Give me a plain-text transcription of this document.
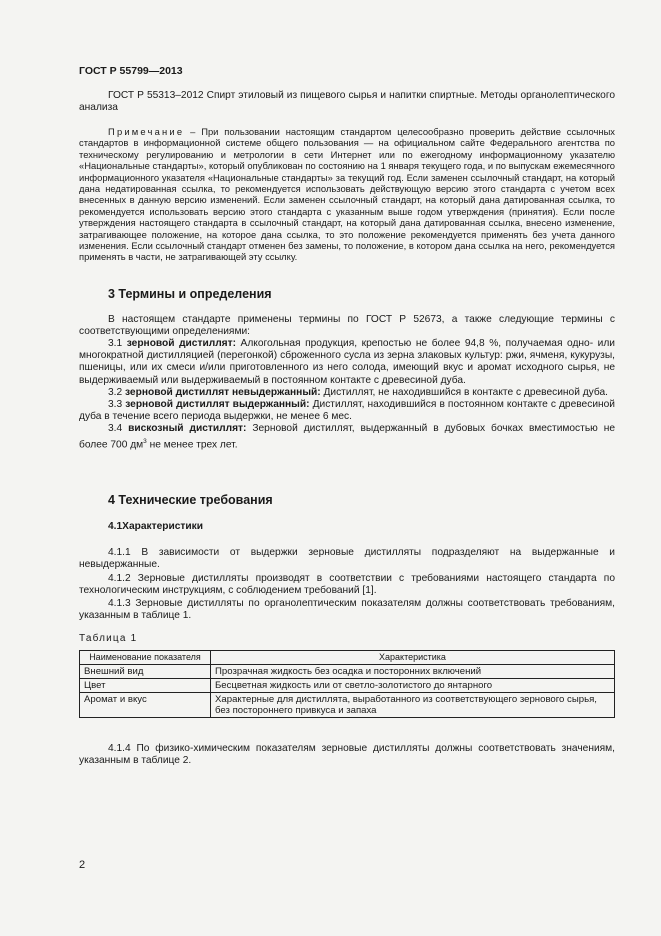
ГОСТ Р 55799—2013
ГОСТ Р 55313–2012 Спирт этиловый из пищевого сырья и напитки спиртные. Методы органолептического анализа
Примечание – При пользовании настоящим стандартом целесообразно проверить действие ссылочных стандартов в информационной системе общего пользования — на официальном сайте Федерального агентства по техническому регулированию и метрологии в сети Интернет или по ежегодному информационному указателю «Национальные стандарты», который опубликован по состоянию на 1 января текущего года, и по выпускам ежемесячного информационного указателя «Национальные стандарты» за текущий год. Если заменен ссылочный стандарт, на который дана недатированная ссылка, то рекомендуется использовать действующую версию этого стандарта с учетом всех внесенных в данную версию изменений. Если заменен ссылочный стандарт, на который дана датированная ссылка, то рекомендуется использовать версию этого стандарта с указанным выше годом утверждения (принятия). Если после утверждения настоящего стандарта в ссылочный стандарт, на который дана датированная ссылка, внесено изменение, затрагивающее положение, на которое дана ссылка, то это положение рекомендуется применять без учета данного изменения. Если ссылочный стандарт отменен без замены, то положение, в котором дана ссылка на него, рекомендуется применять в части, не затрагивающей эту ссылку.
3 Термины и определения
В настоящем стандарте применены термины по ГОСТ Р 52673, а также следующие термины с соответствующими определениями:

3.1 зерновой дистиллят: Алкогольная продукция, крепостью не более 94,8 %, получаемая одно- или многократной дистилляцией (перегонкой) сброженного сусла из зерна злаковых культур: ржи, ячменя, кукурузы, пшеницы, или их смеси и/или приготовленного из него солода, имеющий вкус и аромат исходного сырья, не выдерживаемый или выдерживаемый в постоянном контакте с древесиной дуба.

3.2 зерновой дистиллят невыдержанный: Дистиллят, не находившийся в контакте с древесиной дуба.

3.3 зерновой дистиллят выдержанный: Дистиллят, находившийся в постоянном контакте с древесиной дуба в течение всего периода выдержки, не менее 6 мес.

3.4 вискозный дистиллят: Зерновой дистиллят, выдержанный в дубовых бочках вместимостью не более 700 $дм^3$ не менее трех лет.

4 Технические требования
4.1Характеристики
4.1.1 В зависимости от выдержки зерновые дистилляты подразделяют на выдержанные и невыдержанные.
4.1.2 Зерновые дистилляты производят в соответствии с требованиями настоящего стандарта по технологическим инструкциям, с соблюдением требований [1].
4.1.3 Зерновые дистилляты по органолептическим показателям должны соответствовать требованиям, указанным в таблице 1.
Таблица 1
Наименование показателя	Характеристика
Внешний вид	Прозрачная жидкость без осадка и посторонних включений
Цвет	Бесцветная жидкость или от светло-золотистого до янтарного
Аромат и вкус	Характерные для дистиллята, выработанного из соответствующего зернового сырья, без постороннего привкуса и запаха
4.1.4 По физико-химическим показателям зерновые дистилляты должны соответствовать значениям, указанным в таблице 2.
2
